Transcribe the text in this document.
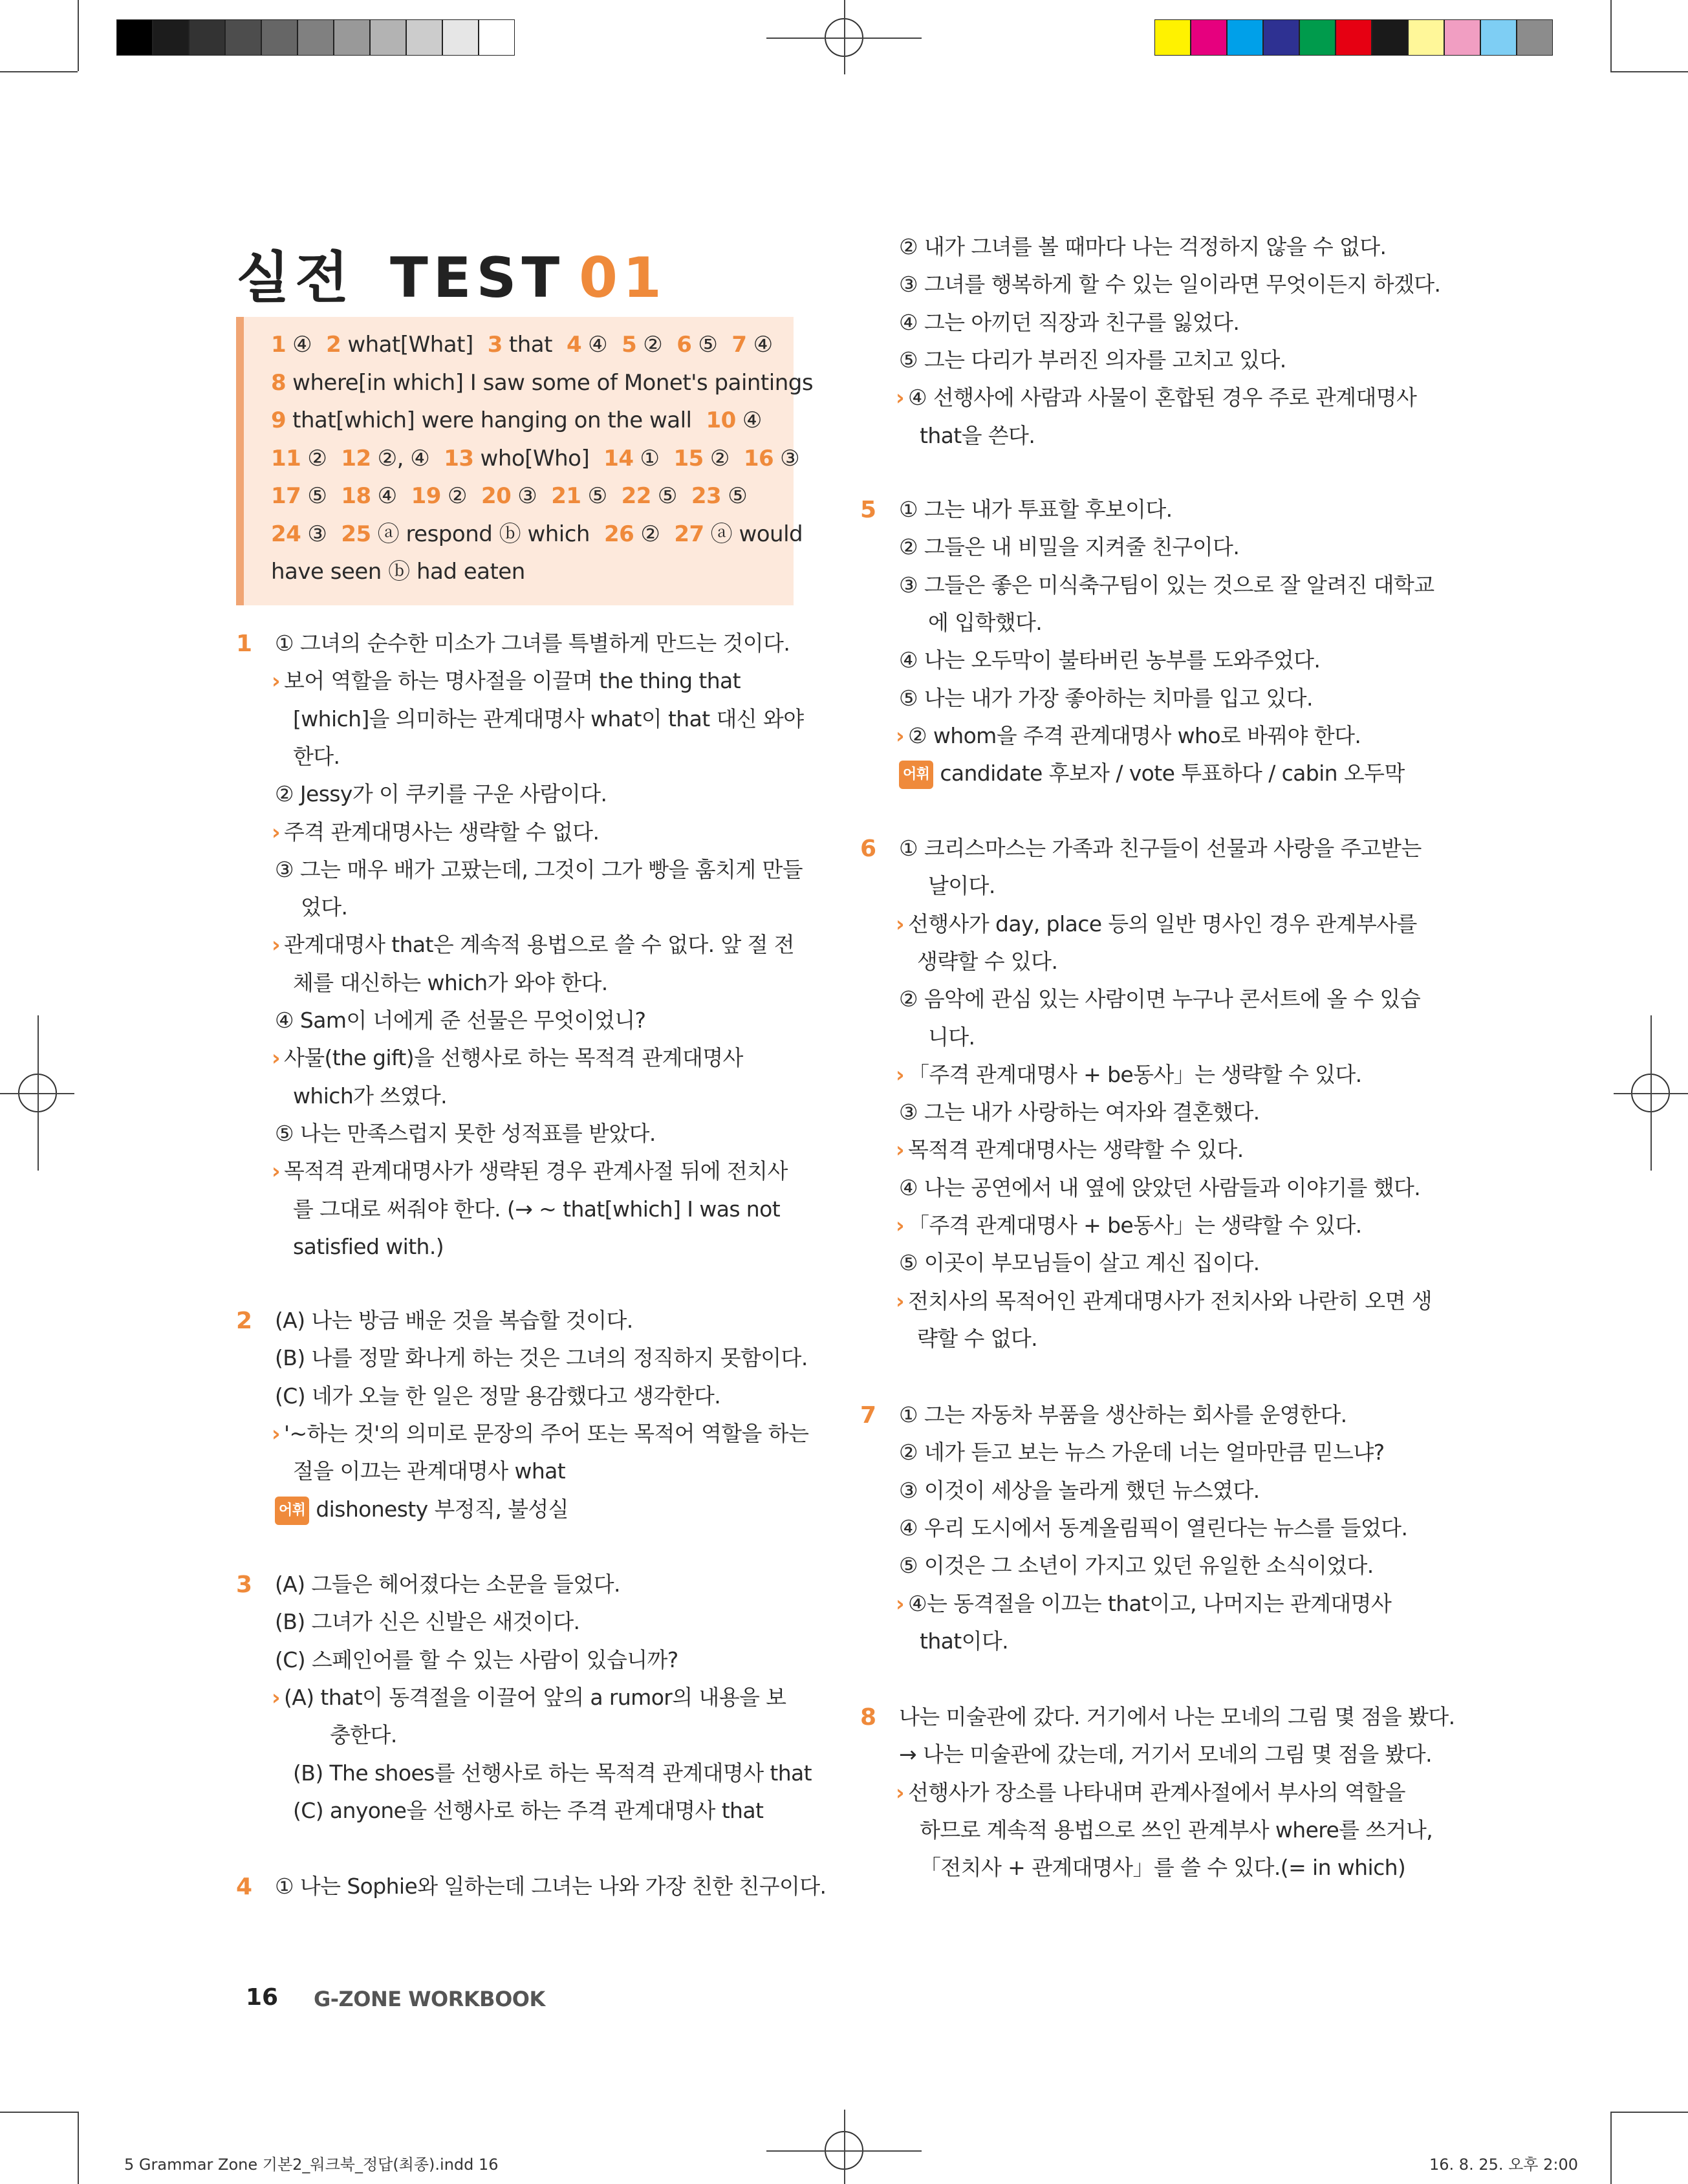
실전 TEST 01
1 ④ 2 what[What] 3 that 4 ④ 5 ② 6 ⑤ 7 ④
8 where[in which] I saw some of Monet's paintings
9 that[which] were hanging on the wall 10 ④
11 ② 12 ②, ④ 13 who[Who] 14 ① 15 ② 16 ③
17 ⑤ 18 ④ 19 ② 20 ③ 21 ⑤ 22 ⑤ 23 ⑤
24 ③ 25 ⓐ respond ⓑ which 26 ② 27 ⓐ would
have seen ⓑ had eaten
1 ① 그녀의 순수한 미소가 그녀를 특별하게 만드는 것이다.
› 보어 역할을 하는 명사절을 이끌며 the thing that
[which]을 의미하는 관계대명사 what이 that 대신 와야
한다.
② Jessy가 이 쿠키를 구운 사람이다.
› 주격 관계대명사는 생략할 수 없다.
③ 그는 매우 배가 고팠는데, 그것이 그가 빵을 훔치게 만들
었다.
› 관계대명사 that은 계속적 용법으로 쓸 수 없다. 앞 절 전
체를 대신하는 which가 와야 한다.
④ Sam이 너에게 준 선물은 무엇이었니?
› 사물(the gift)을 선행사로 하는 목적격 관계대명사
which가 쓰였다.
⑤ 나는 만족스럽지 못한 성적표를 받았다.
› 목적격 관계대명사가 생략된 경우 관계사절 뒤에 전치사
를 그대로 써줘야 한다. (→ ~ that[which] I was not
satisfied with.)
2 (A) 나는 방금 배운 것을 복습할 것이다.
(B) 나를 정말 화나게 하는 것은 그녀의 정직하지 못함이다.
(C) 네가 오늘 한 일은 정말 용감했다고 생각한다.
› '~하는 것'의 의미로 문장의 주어 또는 목적어 역할을 하는
절을 이끄는 관계대명사 what
어휘 dishonesty 부정직, 불성실
3 (A) 그들은 헤어졌다는 소문을 들었다.
(B) 그녀가 신은 신발은 새것이다.
(C) 스페인어를 할 수 있는 사람이 있습니까?
› (A) that이 동격절을 이끌어 앞의 a rumor의 내용을 보
충한다.
(B) The shoes를 선행사로 하는 목적격 관계대명사 that
(C) anyone을 선행사로 하는 주격 관계대명사 that
4 ① 나는 Sophie와 일하는데 그녀는 나와 가장 친한 친구이다.
② 내가 그녀를 볼 때마다 나는 걱정하지 않을 수 없다.
③ 그녀를 행복하게 할 수 있는 일이라면 무엇이든지 하겠다.
④ 그는 아끼던 직장과 친구를 잃었다.
⑤ 그는 다리가 부러진 의자를 고치고 있다.
› ④ 선행사에 사람과 사물이 혼합된 경우 주로 관계대명사
that을 쓴다.
5 ① 그는 내가 투표할 후보이다.
② 그들은 내 비밀을 지켜줄 친구이다.
③ 그들은 좋은 미식축구팀이 있는 것으로 잘 알려진 대학교
에 입학했다.
④ 나는 오두막이 불타버린 농부를 도와주었다.
⑤ 나는 내가 가장 좋아하는 치마를 입고 있다.
› ② whom을 주격 관계대명사 who로 바꿔야 한다.
어휘 candidate 후보자 / vote 투표하다 / cabin 오두막
6 ① 크리스마스는 가족과 친구들이 선물과 사랑을 주고받는
날이다.
› 선행사가 day, place 등의 일반 명사인 경우 관계부사를
생략할 수 있다.
② 음악에 관심 있는 사람이면 누구나 콘서트에 올 수 있습
니다.
› 「주격 관계대명사 + be동사」는 생략할 수 있다.
③ 그는 내가 사랑하는 여자와 결혼했다.
› 목적격 관계대명사는 생략할 수 있다.
④ 나는 공연에서 내 옆에 앉았던 사람들과 이야기를 했다.
› 「주격 관계대명사 + be동사」는 생략할 수 있다.
⑤ 이곳이 부모님들이 살고 계신 집이다.
› 전치사의 목적어인 관계대명사가 전치사와 나란히 오면 생
략할 수 없다.
7 ① 그는 자동차 부품을 생산하는 회사를 운영한다.
② 네가 듣고 보는 뉴스 가운데 너는 얼마만큼 믿느냐?
③ 이것이 세상을 놀라게 했던 뉴스였다.
④ 우리 도시에서 동계올림픽이 열린다는 뉴스를 들었다.
⑤ 이것은 그 소년이 가지고 있던 유일한 소식이었다.
› ④는 동격절을 이끄는 that이고, 나머지는 관계대명사
that이다.
8 나는 미술관에 갔다. 거기에서 나는 모네의 그림 몇 점을 봤다.
→ 나는 미술관에 갔는데, 거기서 모네의 그림 몇 점을 봤다.
› 선행사가 장소를 나타내며 관계사절에서 부사의 역할을
하므로 계속적 용법으로 쓰인 관계부사 where를 쓰거나,
「전치사 + 관계대명사」를 쓸 수 있다.(= in which)
16 G-ZONE WORKBOOK
5 Grammar Zone 기본2_워크북_정답(최종).indd 16	16. 8. 25. 오후 2:00
